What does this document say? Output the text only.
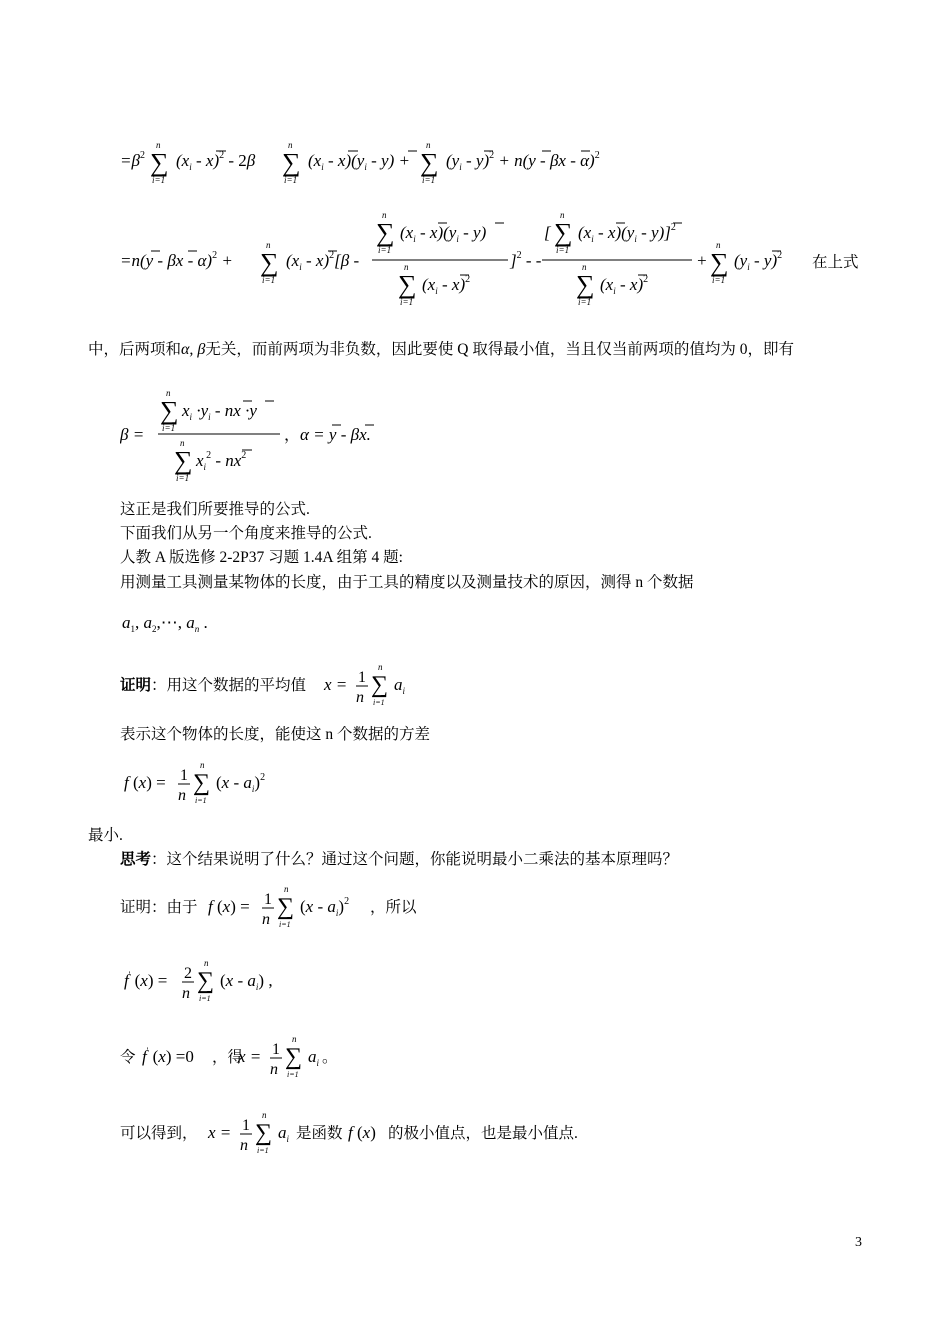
$=\beta^2$
n
∑
i=1
$(x_i - x)^2 - 2\beta$
n
∑
i=1
$(x_i - x)(y_i - y)$ +
n
∑
i=1
$(y_i - y)^2 + n(y - \beta x - \alpha)^2$
=n(y - βx - α)$^2$ +
n
∑
i=1
$(x_i - x)^2[\beta$ -
n
∑
i=1
$(x_i - x)(y_i - y)$
n
∑
i=1
$(x_i - x)^2$
]$^2$ - -
[
n
∑
i=1
$(x_i - x)(y_i - y)]^2$
n
∑
i=1
$(x_i - x)^2$
+
n
∑
i=1
$(y_i - y)^2$ 在上式
中，后两项和α, β无关，而前两项为非负数，因此要使 Q 取得最小值，当且仅当前两项的值均为 0，即有
β =
n
∑
i=1
$x_i \cdot y_i$ - nx ·y
n
∑
i=1
$x_i^2 - nx^2$
， α = y - βx.
这正是我们所要推导的公式.
下面我们从另一个角度来推导的公式.
人教 A 版选修 2-2P37 习题 1.4A 组第 4 题:
用测量工具测量某物体的长度，由于工具的精度以及测量技术的原因，测得 n 个数据
$a_1$, $a_2,\cdots$, $a_n$ .
证明：用这个数据的平均值 x = 1
n
n
∑
i=1
$a_i$
表示这个物体的长度，能使这 n 个数据的方差
f (x) = 1
n
n
∑
i=1
$(x - a_i)^2$
最小.
思考：这个结果说明了什么？通过这个问题，你能说明最小二乘法的基本原理吗？
证明：由于 f (x) = 1
n
n
∑
i=1
$(x - a_i)^2$ ，所以
f' (x) = 2
n
n
∑
i=1
$(x - a_i)$ ,
令 f' (x) =0 ，得
x = 1
n
n
∑
i=1
$a_i$ 。
可以得到， x = 1
n
n
∑
i=1
$a_i$ 是函数 f (x) 的极小值点，也是最小值点.
3
